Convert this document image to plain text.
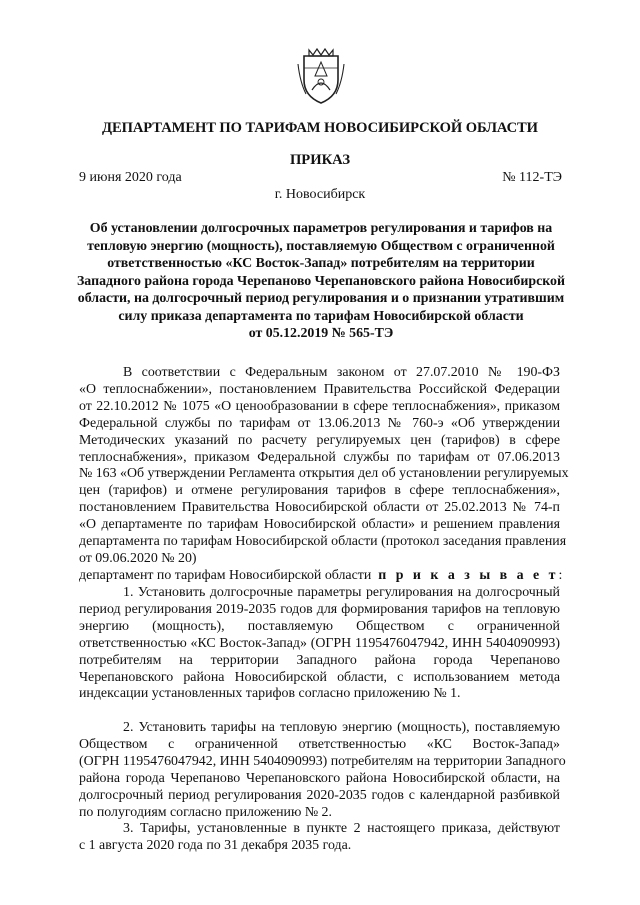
ДЕПАРТАМЕНТ ПО ТАРИФАМ НОВОСИБИРСКОЙ ОБЛАСТИ
ПРИКАЗ
9 июня 2020 года	№ 112-ТЭ
г. Новосибирск
Об установлении долгосрочных параметров регулирования и тарифов на
тепловую энергию (мощность), поставляемую Обществом с ограниченной
ответственностью «КС Восток-Запад» потребителям на территории
Западного района города Черепаново Черепановского района Новосибирской
области, на долгосрочный период регулирования и о признании утратившим
силу приказа департамента по тарифам Новосибирской области
от 05.12.2019 № 565-ТЭ
В соответствии с Федеральным законом от 27.07.2010 № 190-ФЗ
«О теплоснабжении», постановлением Правительства Российской Федерации
от 22.10.2012 № 1075 «О ценообразовании в сфере теплоснабжения», приказом
Федеральной службы по тарифам от 13.06.2013 № 760-э «Об утверждении
Методических указаний по расчету регулируемых цен (тарифов) в сфере
теплоснабжения», приказом Федеральной службы по тарифам от 07.06.2013
№ 163 «Об утверждении Регламента открытия дел об установлении регулируемых
цен (тарифов) и отмене регулирования тарифов в сфере теплоснабжения»,
постановлением Правительства Новосибирской области от 25.02.2013 № 74-п
«О департаменте по тарифам Новосибирской области» и решением правления
департамента по тарифам Новосибирской области (протокол заседания правления
от 09.06.2020 № 20)
департамент по тарифам Новосибирской области п р и к а з ы в а е т:
1. Установить долгосрочные параметры регулирования на долгосрочный
период регулирования 2019-2035 годов для формирования тарифов на тепловую
энергию (мощность), поставляемую Обществом с ограниченной
ответственностью «КС Восток-Запад» (ОГРН 1195476047942, ИНН 5404090993)
потребителям на территории Западного района города Черепаново
Черепановского района Новосибирской области, с использованием метода
индексации установленных тарифов согласно приложению № 1.
2. Установить тарифы на тепловую энергию (мощность), поставляемую
Обществом с ограниченной ответственностью «КС Восток-Запад»
(ОГРН 1195476047942, ИНН 5404090993) потребителям на территории Западного
района города Черепаново Черепановского района Новосибирской области, на
долгосрочный период регулирования 2020-2035 годов с календарной разбивкой
по полугодиям согласно приложению № 2.
3. Тарифы, установленные в пункте 2 настоящего приказа, действуют
с 1 августа 2020 года по 31 декабря 2035 года.
